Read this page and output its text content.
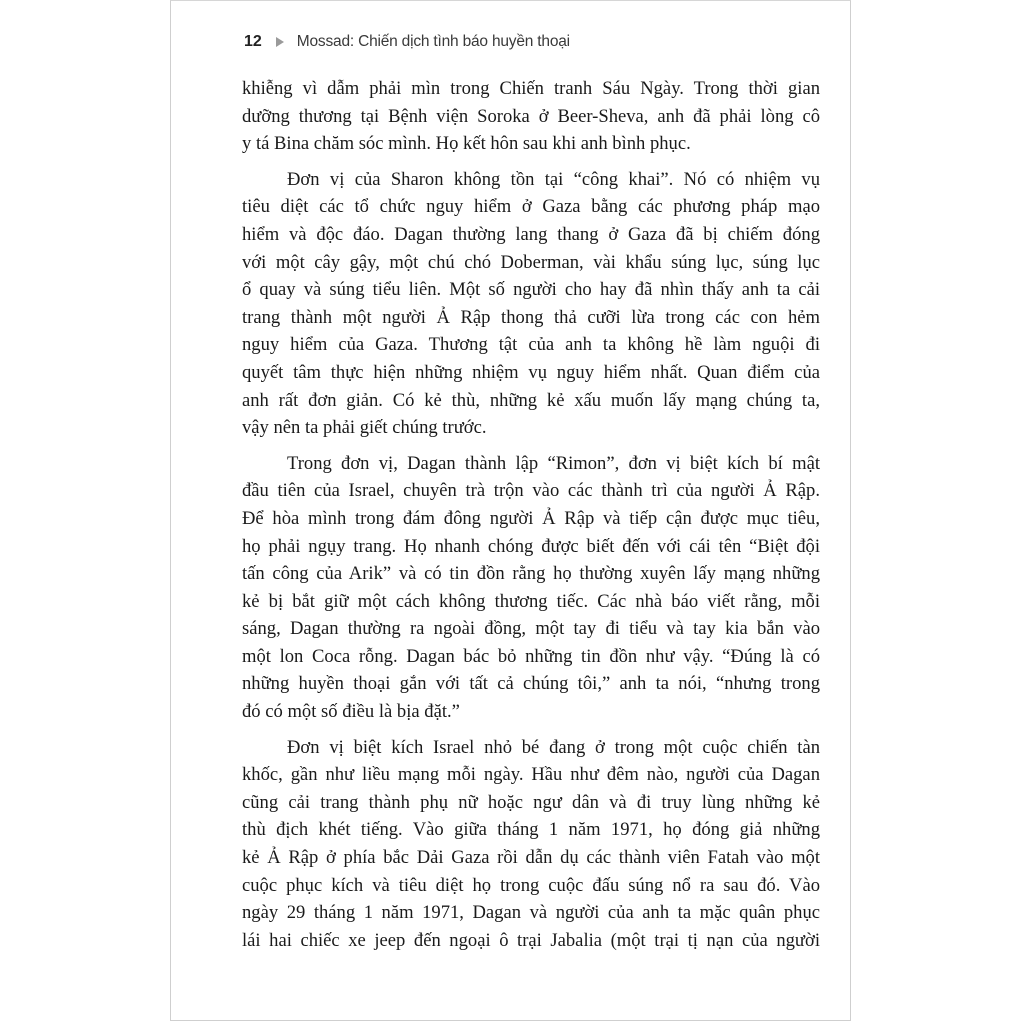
12 Mossad: Chiến dịch tình báo huyền thoại
khiễng vì dẫm phải mìn trong Chiến tranh Sáu Ngày. Trong thời gian
dưỡng thương tại Bệnh viện Soroka ở Beer-Sheva, anh đã phải lòng cô
y tá Bina chăm sóc mình. Họ kết hôn sau khi anh bình phục.
Đơn vị của Sharon không tồn tại “công khai”. Nó có nhiệm vụ
tiêu diệt các tổ chức nguy hiểm ở Gaza bằng các phương pháp mạo
hiểm và độc đáo. Dagan thường lang thang ở Gaza đã bị chiếm đóng
với một cây gậy, một chú chó Doberman, vài khẩu súng lục, súng lục
ổ quay và súng tiểu liên. Một số người cho hay đã nhìn thấy anh ta cải
trang thành một người Ả Rập thong thả cưỡi lừa trong các con hẻm
nguy hiểm của Gaza. Thương tật của anh ta không hề làm nguội đi
quyết tâm thực hiện những nhiệm vụ nguy hiểm nhất. Quan điểm của
anh rất đơn giản. Có kẻ thù, những kẻ xấu muốn lấy mạng chúng ta,
vậy nên ta phải giết chúng trước.
Trong đơn vị, Dagan thành lập “Rimon”, đơn vị biệt kích bí mật
đầu tiên của Israel, chuyên trà trộn vào các thành trì của người Ả Rập.
Để hòa mình trong đám đông người Ả Rập và tiếp cận được mục tiêu,
họ phải ngụy trang. Họ nhanh chóng được biết đến với cái tên “Biệt đội
tấn công của Arik” và có tin đồn rằng họ thường xuyên lấy mạng những
kẻ bị bắt giữ một cách không thương tiếc. Các nhà báo viết rằng, mỗi
sáng, Dagan thường ra ngoài đồng, một tay đi tiểu và tay kia bắn vào
một lon Coca rỗng. Dagan bác bỏ những tin đồn như vậy. “Đúng là có
những huyền thoại gắn với tất cả chúng tôi,” anh ta nói, “nhưng trong
đó có một số điều là bịa đặt.”
Đơn vị biệt kích Israel nhỏ bé đang ở trong một cuộc chiến tàn
khốc, gần như liều mạng mỗi ngày. Hầu như đêm nào, người của Dagan
cũng cải trang thành phụ nữ hoặc ngư dân và đi truy lùng những kẻ
thù địch khét tiếng. Vào giữa tháng 1 năm 1971, họ đóng giả những
kẻ Ả Rập ở phía bắc Dải Gaza rồi dẫn dụ các thành viên Fatah vào một
cuộc phục kích và tiêu diệt họ trong cuộc đấu súng nổ ra sau đó. Vào
ngày 29 tháng 1 năm 1971, Dagan và người của anh ta mặc quân phục
lái hai chiếc xe jeep đến ngoại ô trại Jabalia (một trại tị nạn của người
